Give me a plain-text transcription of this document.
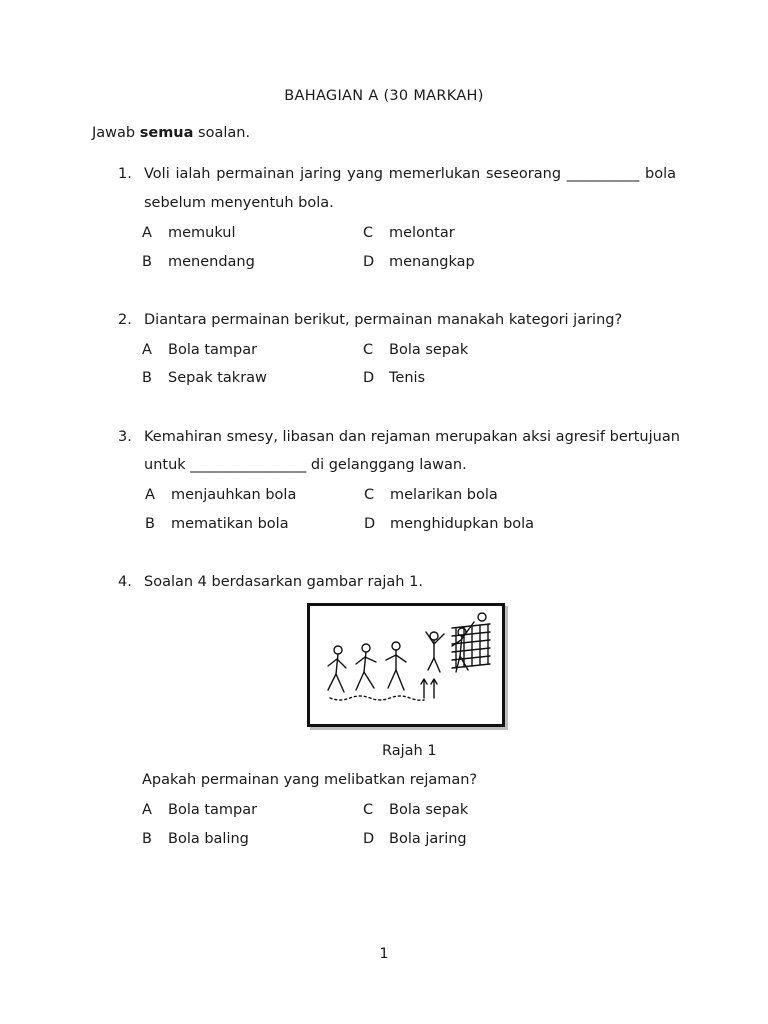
BAHAGIAN A (30 MARKAH)
Jawab semua soalan.
1. Voli ialah permainan jaring yang memerlukan seseorang __________ bola
sebelum menyentuh bola.
A memukul
B menendang
C melontar
D menangkap
2. Diantara permainan berikut, permainan manakah kategori jaring?
A Bola tampar
B Sepak takraw
C Bola sepak
D Tenis
3. Kemahiran smesy, libasan dan rejaman merupakan aksi agresif bertujuan
untuk ________________ di gelanggang lawan.
A menjauhkan bola
B mematikan bola
C melarikan bola
D menghidupkan bola
4. Soalan 4 berdasarkan gambar rajah 1.
Rajah 1
Apakah permainan yang melibatkan rejaman?
A Bola tampar
B Bola baling
C Bola sepak
D Bola jaring
1
